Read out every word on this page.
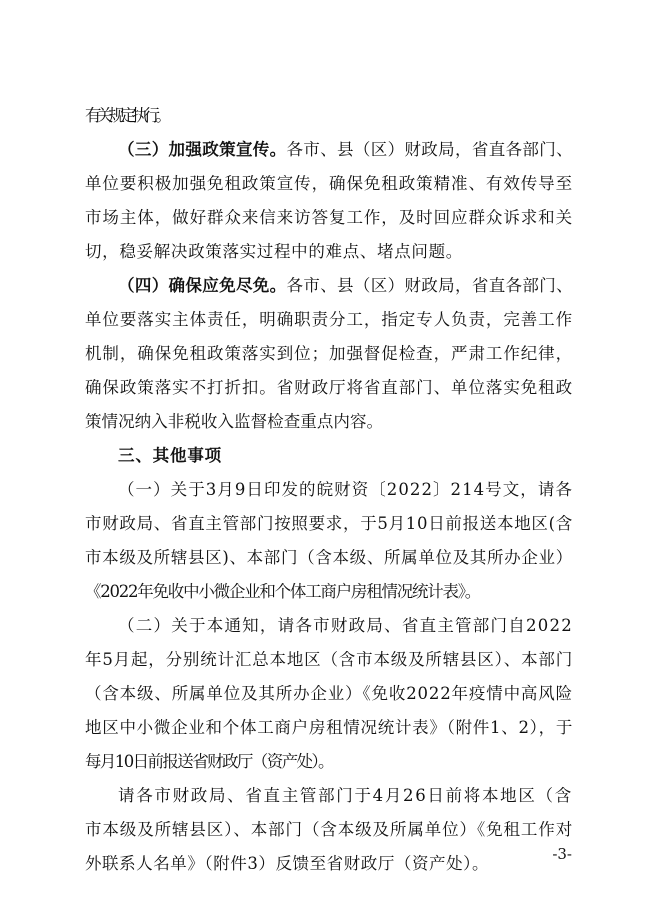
有关规定执行。
（三）加强政策宣传。各市、县（区）财政局，省直各部门、
单位要积极加强免租政策宣传，确保免租政策精准、有效传导至
市场主体，做好群众来信来访答复工作，及时回应群众诉求和关
切，稳妥解决政策落实过程中的难点、堵点问题。
（四）确保应免尽免。各市、县（区）财政局，省直各部门、
单位要落实主体责任，明确职责分工，指定专人负责，完善工作
机制，确保免租政策落实到位；加强督促检查，严肃工作纪律，
确保政策落实不打折扣。省财政厅将省直部门、单位落实免租政
策情况纳入非税收入监督检查重点内容。
三、其他事项
（一）关于3月9日印发的皖财资〔2022〕214号文，请各
市财政局、省直主管部门按照要求，于5月10日前报送本地区(含
市本级及所辖县区)、本部门（含本级、所属单位及其所办企业）
《2022年免收中小微企业和个体工商户房租情况统计表》。
（二）关于本通知，请各市财政局、省直主管部门自2022
年5月起，分别统计汇总本地区（含市本级及所辖县区）、本部门
（含本级、所属单位及其所办企业）《免收2022年疫情中高风险
地区中小微企业和个体工商户房租情况统计表》（附件1、2），于
每月10日前报送省财政厅（资产处）。
请各市财政局、省直主管部门于4月26日前将本地区（含
市本级及所辖县区）、本部门（含本级及所属单位）《免租工作对
外联系人名单》（附件3）反馈至省财政厅（资产处）。	-3-
